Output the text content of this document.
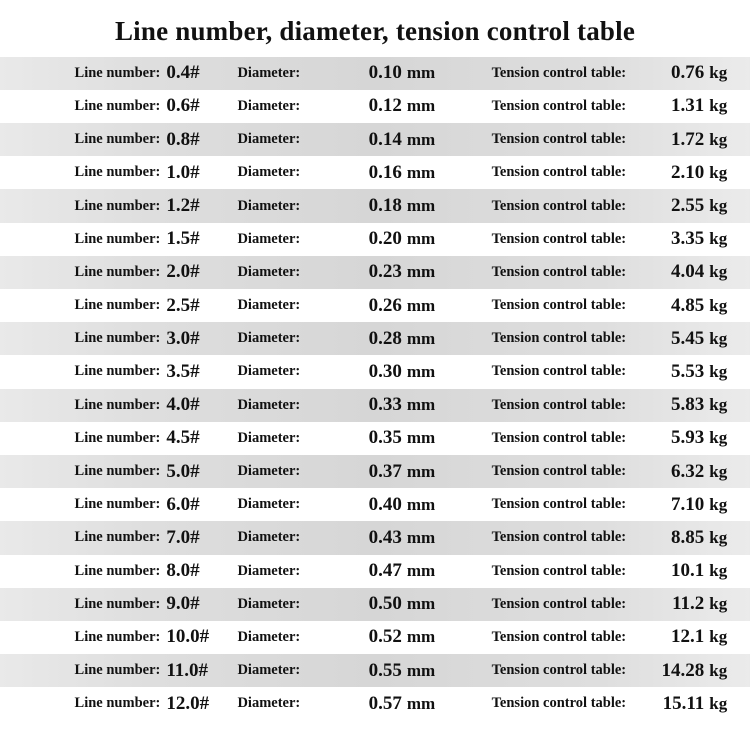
Line number, diameter, tension control table
Line number:	0.4#	Diameter:	0.10	mm	Tension control table:	0.76	kg
Line number:	0.6#	Diameter:	0.12	mm	Tension control table:	1.31	kg
Line number:	0.8#	Diameter:	0.14	mm	Tension control table:	1.72	kg
Line number:	1.0#	Diameter:	0.16	mm	Tension control table:	2.10	kg
Line number:	1.2#	Diameter:	0.18	mm	Tension control table:	2.55	kg
Line number:	1.5#	Diameter:	0.20	mm	Tension control table:	3.35	kg
Line number:	2.0#	Diameter:	0.23	mm	Tension control table:	4.04	kg
Line number:	2.5#	Diameter:	0.26	mm	Tension control table:	4.85	kg
Line number:	3.0#	Diameter:	0.28	mm	Tension control table:	5.45	kg
Line number:	3.5#	Diameter:	0.30	mm	Tension control table:	5.53	kg
Line number:	4.0#	Diameter:	0.33	mm	Tension control table:	5.83	kg
Line number:	4.5#	Diameter:	0.35	mm	Tension control table:	5.93	kg
Line number:	5.0#	Diameter:	0.37	mm	Tension control table:	6.32	kg
Line number:	6.0#	Diameter:	0.40	mm	Tension control table:	7.10	kg
Line number:	7.0#	Diameter:	0.43	mm	Tension control table:	8.85	kg
Line number:	8.0#	Diameter:	0.47	mm	Tension control table:	10.1	kg
Line number:	9.0#	Diameter:	0.50	mm	Tension control table:	11.2	kg
Line number:	10.0#	Diameter:	0.52	mm	Tension control table:	12.1	kg
Line number:	11.0#	Diameter:	0.55	mm	Tension control table:	14.28	kg
Line number:	12.0#	Diameter:	0.57	mm	Tension control table:	15.11	kg
